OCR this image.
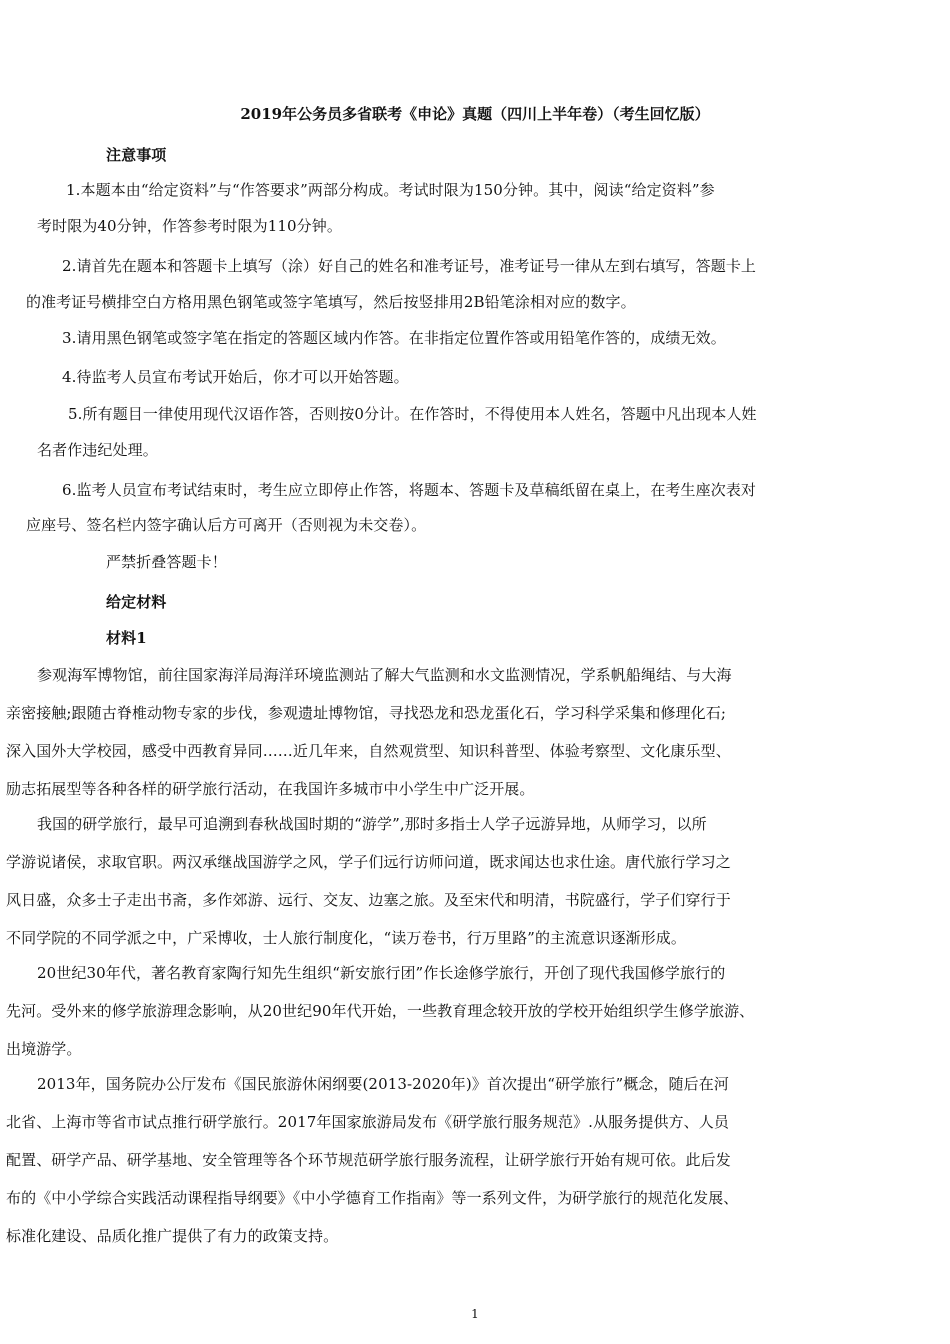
2019年公务员多省联考《申论》真题（四川上半年卷）（考生回忆版）
注意事项
1.本题本由“给定资料”与“作答要求”两部分构成。考试时限为150分钟。其中，阅读“给定资料”参
考时限为40分钟，作答参考时限为110分钟。
2.请首先在题本和答题卡上填写（涂）好自己的姓名和准考证号，准考证号一律从左到右填写，答题卡上
的准考证号横排空白方格用黑色钢笔或签字笔填写，然后按竖排用2B铅笔涂相对应的数字。
3.请用黑色钢笔或签字笔在指定的答题区域内作答。在非指定位置作答或用铅笔作答的，成绩无效。
4.待监考人员宣布考试开始后，你才可以开始答题。
5.所有题目一律使用现代汉语作答，否则按0分计。在作答时，不得使用本人姓名，答题中凡出现本人姓
名者作违纪处理。
6.监考人员宣布考试结束时，考生应立即停止作答，将题本、答题卡及草稿纸留在桌上，在考生座次表对
应座号、签名栏内签字确认后方可离开（否则视为未交卷）。
严禁折叠答题卡！
给定材料
材料1
参观海军博物馆，前往国家海洋局海洋环境监测站了解大气监测和水文监测情况，学系帆船绳结、与大海
亲密接触;跟随古脊椎动物专家的步伐，参观遗址博物馆，寻找恐龙和恐龙蛋化石，学习科学采集和修理化石;
深入国外大学校园，感受中西教育异同……近几年来，自然观赏型、知识科普型、体验考察型、文化康乐型、
励志拓展型等各种各样的研学旅行活动，在我国许多城市中小学生中广泛开展。
我国的研学旅行，最早可追溯到春秋战国时期的“游学”,那时多指士人学子远游异地，从师学习，以所
学游说诸侯，求取官职。两汉承继战国游学之风，学子们远行访师问道，既求闻达也求仕途。唐代旅行学习之
风日盛，众多士子走出书斋，多作郊游、远行、交友、边塞之旅。及至宋代和明清，书院盛行，学子们穿行于
不同学院的不同学派之中，广采博收，士人旅行制度化，“读万卷书，行万里路”的主流意识逐渐形成。
20世纪30年代，著名教育家陶行知先生组织“新安旅行团”作长途修学旅行，开创了现代我国修学旅行的
先河。受外来的修学旅游理念影响，从20世纪90年代开始，一些教育理念较开放的学校开始组织学生修学旅游、
出境游学。
2013年，国务院办公厅发布《国民旅游休闲纲要(2013-2020年)》首次提出“研学旅行”概念，随后在河
北省、上海市等省市试点推行研学旅行。2017年国家旅游局发布《研学旅行服务规范》.从服务提供方、人员
配置、研学产品、研学基地、安全管理等各个环节规范研学旅行服务流程，让研学旅行开始有规可依。此后发
布的《中小学综合实践活动课程指导纲要》《中小学德育工作指南》等一系列文件，为研学旅行的规范化发展、
标准化建设、品质化推广提供了有力的政策支持。
1
